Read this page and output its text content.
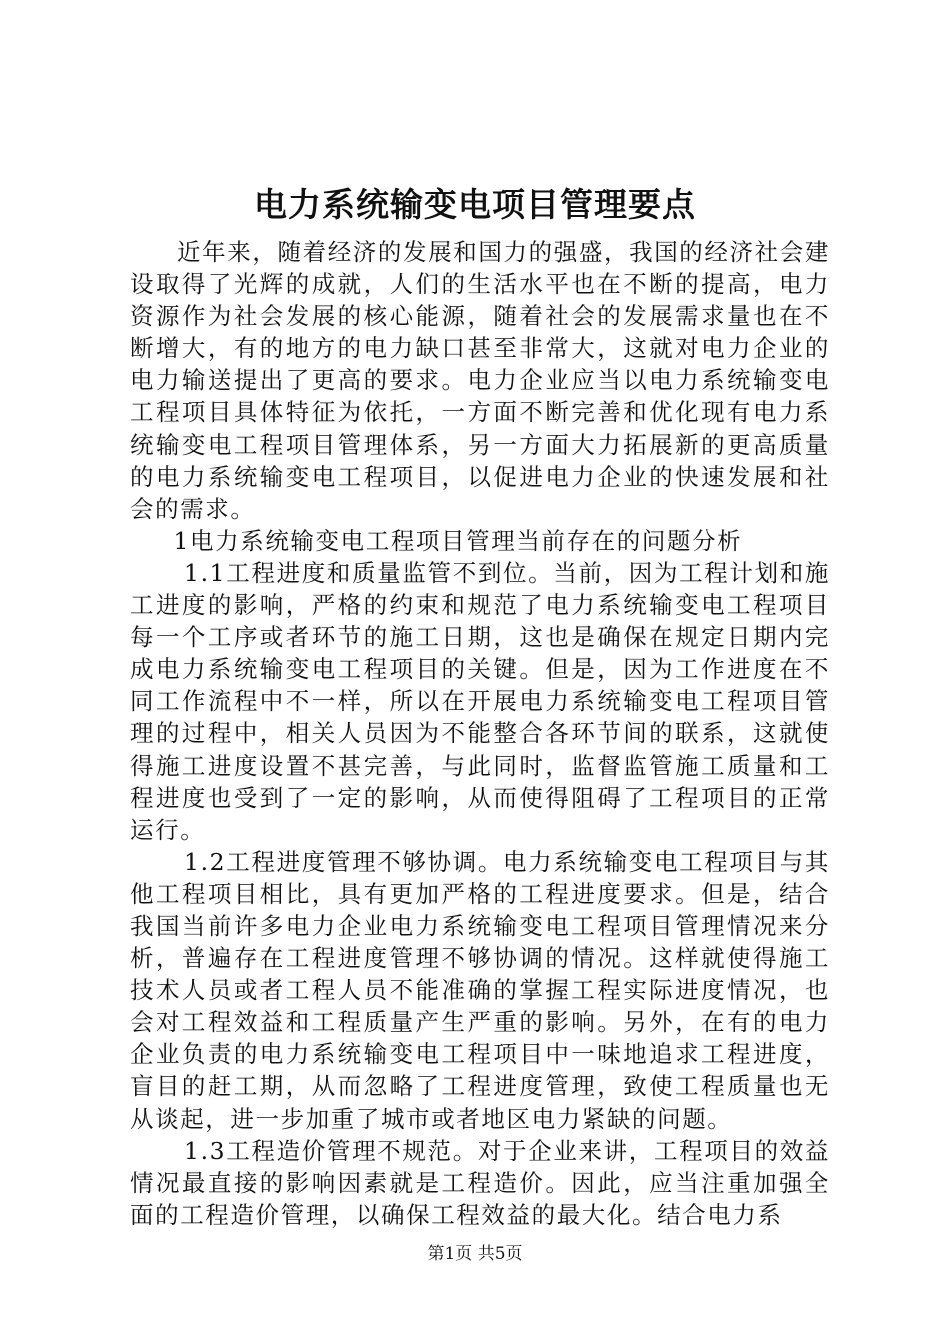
电力系统输变电项目管理要点

近年来，随着经济的发展和国力的强盛，我国的经济社会建设取得了光辉的成就，人们的生活水平也在不断的提高，电力资源作为社会发展的核心能源，随着社会的发展需求量也在不断增大，有的地方的电力缺口甚至非常大，这就对电力企业的电力输送提出了更高的要求。电力企业应当以电力系统输变电工程项目具体特征为依托，一方面不断完善和优化现有电力系统输变电工程项目管理体系，另一方面大力拓展新的更高质量的电力系统输变电工程项目，以促进电力企业的快速发展和社会的需求。

1电力系统输变电工程项目管理当前存在的问题分析

1.1工程进度和质量监管不到位。当前，因为工程计划和施工进度的影响，严格的约束和规范了电力系统输变电工程项目每一个工序或者环节的施工日期，这也是确保在规定日期内完成电力系统输变电工程项目的关键。但是，因为工作进度在不同工作流程中不一样，所以在开展电力系统输变电工程项目管理的过程中，相关人员因为不能整合各环节间的联系，这就使得施工进度设置不甚完善，与此同时，监督监管施工质量和工程进度也受到了一定的影响，从而使得阻碍了工程项目的正常运行。

1.2工程进度管理不够协调。电力系统输变电工程项目与其他工程项目相比，具有更加严格的工程进度要求。但是，结合我国当前许多电力企业电力系统输变电工程项目管理情况来分析，普遍存在工程进度管理不够协调的情况。这样就使得施工技术人员或者工程人员不能准确的掌握工程实际进度情况，也会对工程效益和工程质量产生严重的影响。另外，在有的电力企业负责的电力系统输变电工程项目中一味地追求工程进度，盲目的赶工期，从而忽略了工程进度管理，致使工程质量也无从谈起，进一步加重了城市或者地区电力紧缺的问题。

1.3工程造价管理不规范。对于企业来讲，工程项目的效益情况最直接的影响因素就是工程造价。因此，应当注重加强全面的工程造价管理，以确保工程效益的最大化。结合电力系

第1页 共5页
